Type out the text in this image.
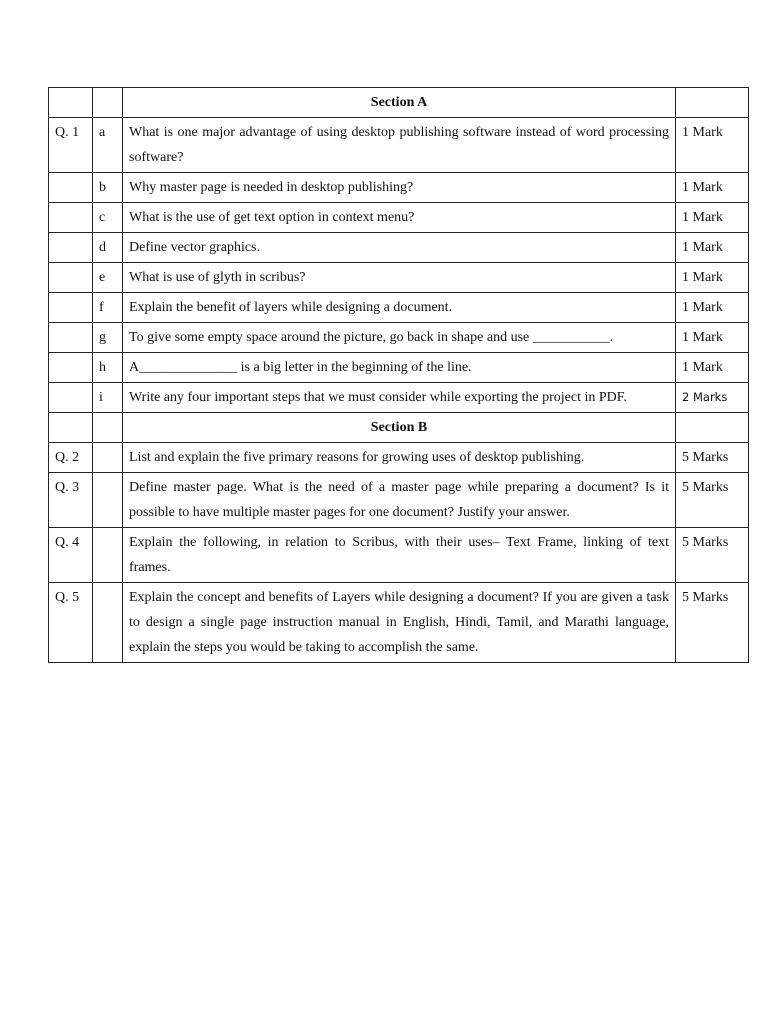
		Section A	
Q. 1	a	What is one major advantage of using desktop publishing software instead of word processing software?	1 Mark
	b	Why master page is needed in desktop publishing?	1 Mark
	c	What is the use of get text option in context menu?	1 Mark
	d	Define vector graphics.	1 Mark
	e	What is use of glyth in scribus?	1 Mark
	f	Explain the benefit of layers while designing a document.	1 Mark
	g	To give some empty space around the picture, go back in shape and use ___________.	1 Mark
	h	A______________ is a big letter in the beginning of the line.	1 Mark
	i	Write any four important steps that we must consider while exporting the project in PDF.	2 Marks
		Section B	
Q. 2		List and explain the five primary reasons for growing uses of desktop publishing.	5 Marks
Q. 3		Define master page. What is the need of a master page while preparing a document? Is it possible to have multiple master pages for one document? Justify your answer.	5 Marks
Q. 4		Explain the following, in relation to Scribus, with their uses– Text Frame, linking of text frames.	5 Marks
Q. 5		Explain the concept and benefits of Layers while designing a document? If you are given a task to design a single page instruction manual in English, Hindi, Tamil, and Marathi language, explain the steps you would be taking to accomplish the same.	5 Marks
